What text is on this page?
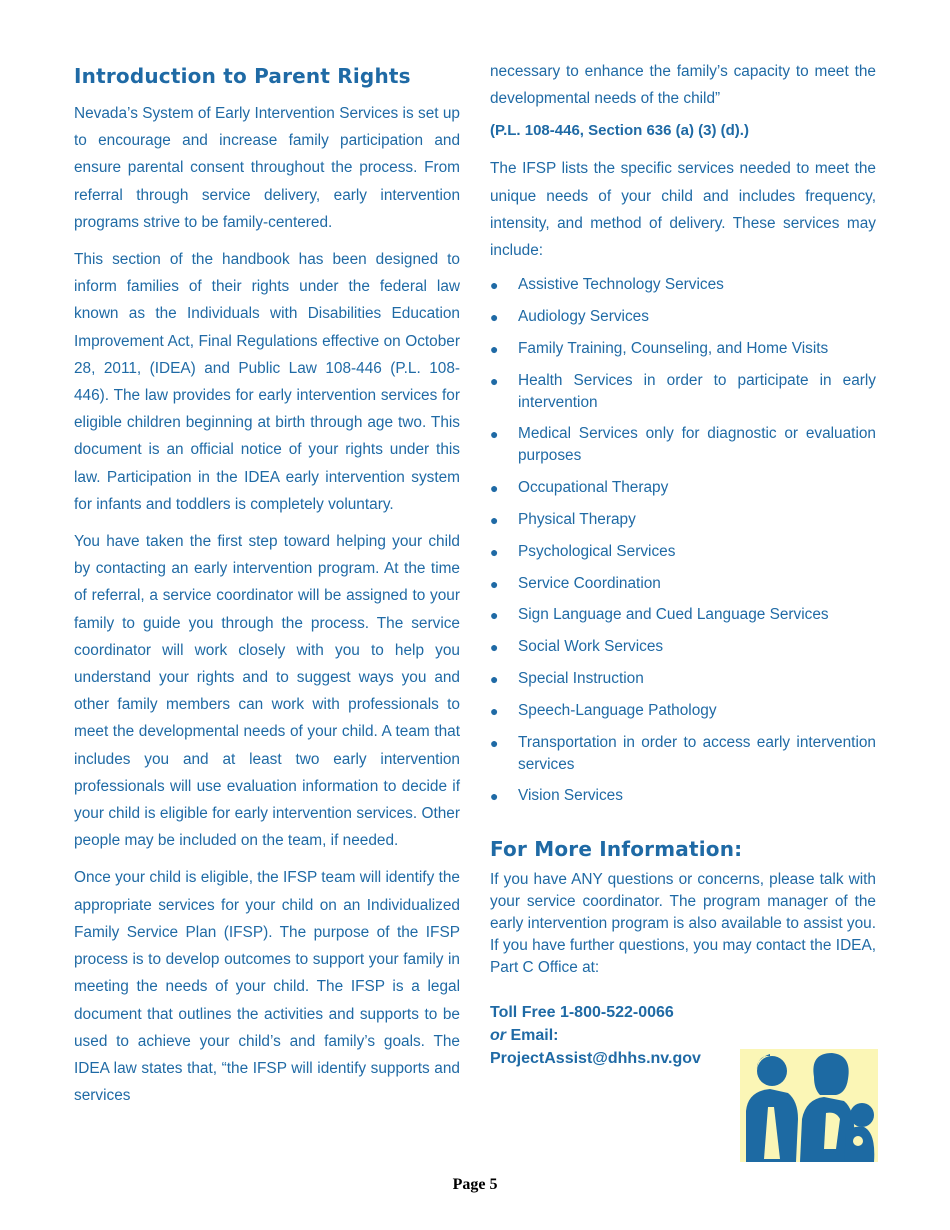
Introduction to Parent Rights

Nevada’s System of Early Intervention Services is set up to encourage and increase family participation and ensure parental consent throughout the process. From referral through service delivery, early intervention programs strive to be family-centered.

This section of the handbook has been designed to inform families of their rights under the federal law known as the Individuals with Disabilities Education Improvement Act, Final Regulations effective on October 28, 2011, (IDEA) and Public Law 108-446 (P.L. 108-446). The law provides for early intervention services for eligible children beginning at birth through age two. This document is an official notice of your rights under this law. Participation in the IDEA early intervention system for infants and toddlers is completely voluntary.

You have taken the first step toward helping your child by contacting an early intervention program. At the time of referral, a service coordinator will be assigned to your family to guide you through the process. The service coordinator will work closely with you to help you understand your rights and to suggest ways you and other family members can work with professionals to meet the developmental needs of your child. A team that includes you and at least two early intervention professionals will use evaluation information to decide if your child is eligible for early intervention services. Other people may be included on the team, if needed.

Once your child is eligible, the IFSP team will identify the appropriate services for your child on an Individualized Family Service Plan (IFSP). The purpose of the IFSP process is to develop outcomes to support your family in meeting the needs of your child. The IFSP is a legal document that outlines the activities and supports to be used to achieve your child’s and family’s goals. The IDEA law states that, “the IFSP will identify supports and services

necessary to enhance the family’s capacity to meet the developmental needs of the child”

(P.L. 108-446, Section 636 (a) (3) (d).)

The IFSP lists the specific services needed to meet the unique needs of your child and includes frequency, intensity, and method of delivery. These services may include:

● Assistive Technology Services
● Audiology Services
● Family Training, Counseling, and Home Visits
● Health Services in order to participate in early intervention
● Medical Services only for diagnostic or evaluation purposes
● Occupational Therapy
● Physical Therapy
● Psychological Services
● Service Coordination
● Sign Language and Cued Language Services
● Social Work Services
● Special Instruction
● Speech-Language Pathology
● Transportation in order to access early intervention services
● Vision Services
For More Information:

If you have ANY questions or concerns, please talk with your service coordinator. The program manager of the early intervention program is also available to assist you. If you have further questions, you may contact the IDEA, Part C Office at:

Toll Free 1-800-522-0066
or Email:
ProjectAssist@dhhs.nv.gov
Page 5
